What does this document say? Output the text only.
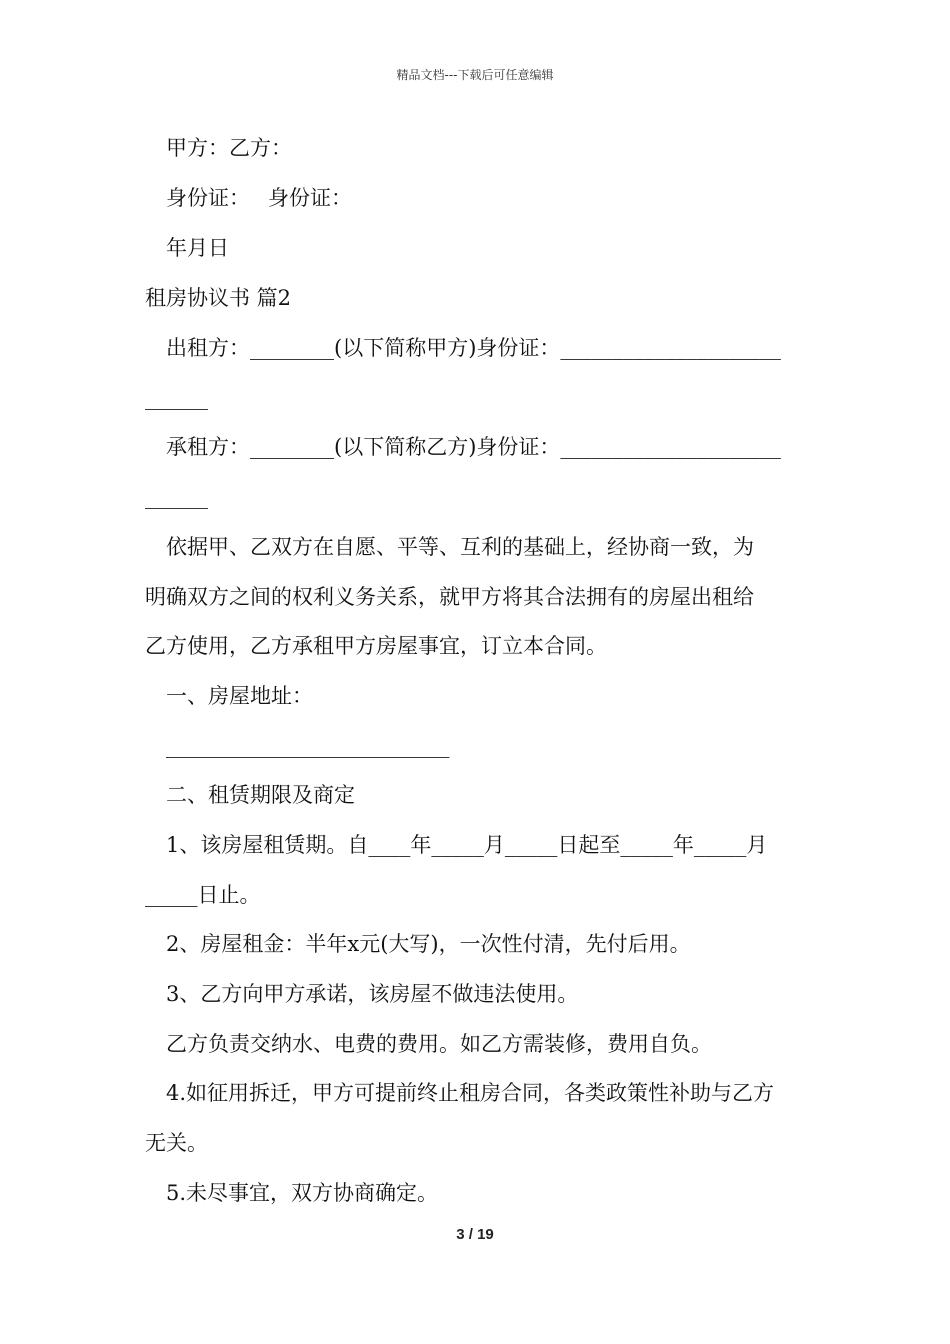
精品文档---下载后可任意编辑
甲方：乙方：
身份证： 身份证：
年月日
租房协议书 篇2
出租方：________(以下简称甲方)身份证：_____________________
______
承租方：________(以下简称乙方)身份证：_____________________
______
依据甲、乙双方在自愿、平等、互利的基础上，经协商一致，为
明确双方之间的权利义务关系，就甲方将其合法拥有的房屋出租给
乙方使用，乙方承租甲方房屋事宜，订立本合同。
一、房屋地址：
___________________________
二、租赁期限及商定
1、该房屋租赁期。自____年_____月_____日起至_____年_____月
_____日止。
2、房屋租金：半年x元(大写)，一次性付清，先付后用。
3、乙方向甲方承诺，该房屋不做违法使用。
乙方负责交纳水、电费的费用。如乙方需装修，费用自负。
4.如征用拆迁，甲方可提前终止租房合同，各类政策性补助与乙方
无关。
5.未尽事宜，双方协商确定。
3 / 19
